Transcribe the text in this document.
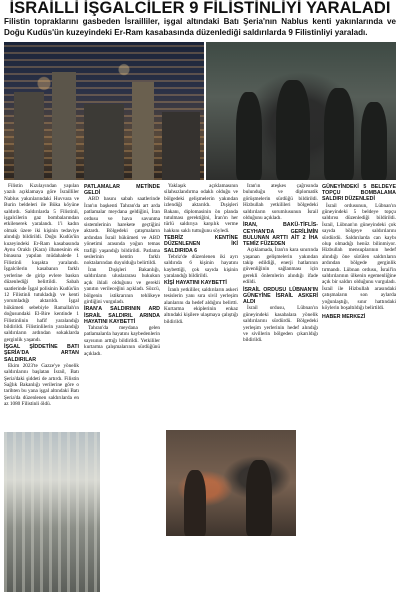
İSRAİLLİ İŞGALCİLER 9 FİLİSTİNLİYİ YARALADI
Filistin topraklarını gasbeden İsrailliler, işgal altındaki Batı Şeria'nın Nablus kenti yakınlarında ve Doğu Kudüs'ün kuzeyindeki Er-Ram kasabasında düzenlediği saldırılarda 9 Filistinliyi yaraladı.

Filistin Kızılayından yapılan yazılı açıklamaya göre İsrailliler Nablus yakınlarındaki Huvvara ve Burin beldeleri ile Büka köyüne saldırdı. Saldırılarda 5 Filistinli, işgalcilerin gaz bombalarından etkilenerek yaralandı. 1'i kadın olmak üzere iki kişinin tedaviye alındığı bildirildi. Doğu Kudüs'ün kuzeyindeki Er-Ram kasabasında Aynu Oraklı (Kara) ilhanesinin ek binasına yapılan müdahalede 1 Filistinli kuşakta yaralandı. İşgalcilerin kasabanın farklı yerlerine de girip evlere baskın düzenlediği belirtildi. Sabah saatlerinde İşgal polisinin Kudüs'ün 12 Filistinli tutukladığı ve kenti yorumladığı aktarıldı. İşgal hükümeti sebebiyle Ramallah'ın doğusundaki El-Bire kentinde 1 Filistinlinin hafif yaralandığı bildirildi. Filistinlilerin yaralandığı saldırıların ardından sokaklarda gerginlik yaşandı.

İŞGAL ŞİDDETİNE BATI ŞERİA'DA ARTAN SALDIRILAR

Ekim 2023'te Gazze'ye yönelik saldırılarını başlatan İsrail, Batı Şeria'daki şiddeti de artırdı. Filistin Sağlık Bakanlığı verilerine göre o tarihten bu yana işgal altındaki Batı Şeria'da düzenlenen saldırılarda en az 1080 Filistinli öldü.

PATLAMALAR METİNDE GELDİ

ABD basını sabah saatlerinde İran'ın başkenti Tahran'da art arda patlamalar meydana geldiğini, İran ordusu ve hava savunma sistemlerinin harekete geçtiğini aktardı. Bölgedeki çatışmaların ardından İsrail hükümeti ve ABD yönetimi arasında yoğun temas trafiği yaşandığı bildirildi. Patlama seslerinin kentin farklı noktalarından duyulduğu belirtildi.

İran Dışişleri Bakanlığı, saldırıların uluslararası hukukun açık ihlali olduğunu ve gerekli yanıtın verileceğini açıkladı. Sözcü, bölgenin istikrarının tehlikeye girdiğini vurguladı.

İRAN'A SALDIRININ ARD İSRAİL SALDIRIL ARINDA HAYATINI KAYBETTİ

Tahran'da meydana gelen patlamalarda hayatını kaybedenlerin sayısının arttığı bildirildi. Yetkililer kurtarma çalışmalarının sürdüğünü açıkladı.

Yaklaşık açıklamasının silahsızlandırma odaklı olduğu ve bölgedeki gelişmelerin yakından izlendiği aktarıldı. Dışişleri Bakanı, diplomasinin ön planda tutulması gerektiğini, İran'ın her türlü saldırıya karşılık verme hakkını saklı tuttuğunu söyledi.

TEBRİZ KENTİNE DÜZENLENEN İKİ SALDIRIDA 6

Tebriz'de düzenlenen iki ayrı saldırıda 6 kişinin hayatını kaybettiği, çok sayıda kişinin yaralandığı bildirildi.

KİŞİ HAYATINI KAYBETTİ

İranlı yetkililer, saldırıların askeri tesislerin yanı sıra sivil yerleşim alanlarını da hedef aldığını belirtti. Kurtarma ekiplerinin enkaz altındaki kişilere ulaşmaya çalıştığı bildirildi.

İran'ın ateşkes çağrısında bulunduğu ve diplomatik görüşmelerin sürdüğü bildirildi. Hizbullah yetkilileri bölgedeki saldırıların sorumlusunun İsrail olduğunu açıkladı.

İRAN, BAKÜ-TİFLİS-CEYHAN'DA GERİLİMİN BULUNAN ARTTI AİT 2 İHA TEMİZ FÜZEDEN

Açıklamada, İran'ın kara sınırında yaşanan gelişmelerin yakından takip edildiği, enerji hatlarının güvenliğinin sağlanması için gerekli önlemlerin alındığı ifade edildi.

İSRAİL ORDUSU LÜBNAN'IN GÜNEYİNE İSRAİL ASKERİ ALDI

İsrail ordusu, Lübnan'ın güneyindeki kasabalara yönelik saldırılarını sürdürdü. Bölgedeki yerleşim yerlerinin hedef alındığı ve sivillerin bölgeden çıkarıldığı bildirildi.

GÜNEYİNDEKİ 5 BELDEYE TOPÇU BOMBALAMA SALDIRI DÜZENLEDİ

İsrail ordusunun, Lübnan'ın güneyindeki 5 beldeye topçu saldırısı düzenlediği bildirildi. İsrail, Lübnan'ın güneyindeki çok sayıda bölgeye saldırılarını sürdürdü. Saldırılarda can kaybı olup olmadığı henüz bilinmiyor. Hizbullah mensuplarının hedef alındığı öne sürülen saldırıların ardından bölgede gerginlik tırmandı. Lübnan ordusu, İsrail'in saldırılarının ülkenin egemenliğine açık bir saldırı olduğunu vurguladı. İsrail ile Hizbullah arasındaki çatışmaların son aylarda yoğunlaştığı, sınır hattındaki köylerin boşaltıldığı belirtildi.

HABER MERKEZİ
